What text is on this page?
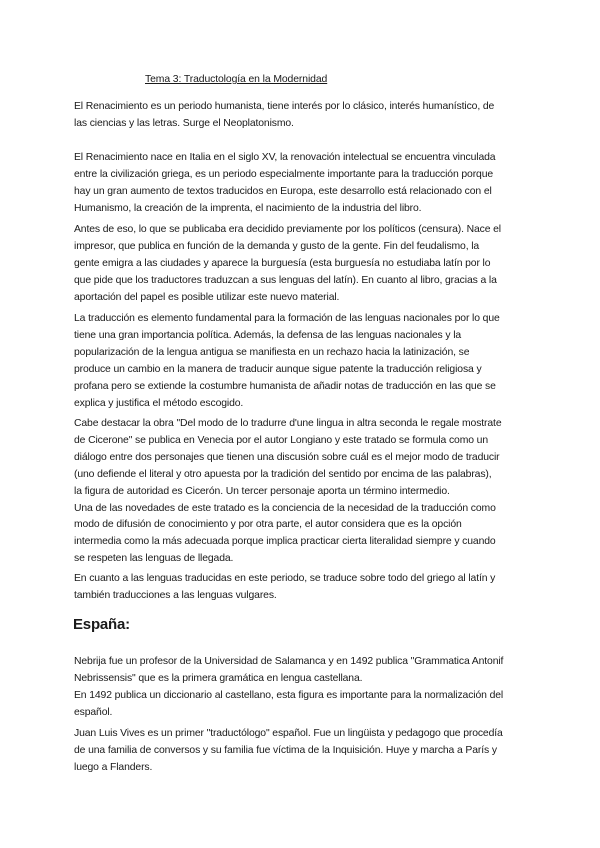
Tema 3: Traductología en la Modernidad
El Renacimiento es un periodo humanista, tiene interés por lo clásico, interés humanístico, de
las ciencias y las letras. Surge el Neoplatonismo.
El Renacimiento nace en Italia en el siglo XV, la renovación intelectual se encuentra vinculada
entre la civilización griega, es un periodo especialmente importante para la traducción porque
hay un gran aumento de textos traducidos en Europa, este desarrollo está relacionado con el
Humanismo, la creación de la imprenta, el nacimiento de la industria del libro.
Antes de eso, lo que se publicaba era decidido previamente por los políticos (censura). Nace el
impresor, que publica en función de la demanda y gusto de la gente. Fin del feudalismo, la
gente emigra a las ciudades y aparece la burguesía (esta burguesía no estudiaba latín por lo
que pide que los traductores traduzcan a sus lenguas del latín). En cuanto al libro, gracias a la
aportación del papel es posible utilizar este nuevo material.
La traducción es elemento fundamental para la formación de las lenguas nacionales por lo que
tiene una gran importancia política. Además, la defensa de las lenguas nacionales y la
popularización de la lengua antigua se manifiesta en un rechazo hacia la latinización, se
produce un cambio en la manera de traducir aunque sigue patente la traducción religiosa y
profana pero se extiende la costumbre humanista de añadir notas de traducción en las que se
explica y justifica el método escogido.
Cabe destacar la obra "Del modo de lo tradurre d'une lingua in altra seconda le regale mostrate
de Cicerone" se publica en Venecia por el autor Longiano y este tratado se formula como un
diálogo entre dos personajes que tienen una discusión sobre cuál es el mejor modo de traducir
(uno defiende el literal y otro apuesta por la tradición del sentido por encima de las palabras),
la figura de autoridad es Cicerón. Un tercer personaje aporta un término intermedio.
Una de las novedades de este tratado es la conciencia de la necesidad de la traducción como
modo de difusión de conocimiento y por otra parte, el autor considera que es la opción
intermedia como la más adecuada porque implica practicar cierta literalidad siempre y cuando
se respeten las lenguas de llegada.
En cuanto a las lenguas traducidas en este periodo, se traduce sobre todo del griego al latín y
también traducciones a las lenguas vulgares.
España:
Nebrija fue un profesor de la Universidad de Salamanca y en 1492 publica "Grammatica Antonif
Nebrissensis" que es la primera gramática en lengua castellana.
En 1492 publica un diccionario al castellano, esta figura es importante para la normalización del
español.
Juan Luis Vives es un primer "traductólogo" español. Fue un lingüista y pedagogo que procedía
de una familia de conversos y su familia fue víctima de la Inquisición. Huye y marcha a París y
luego a Flanders.
